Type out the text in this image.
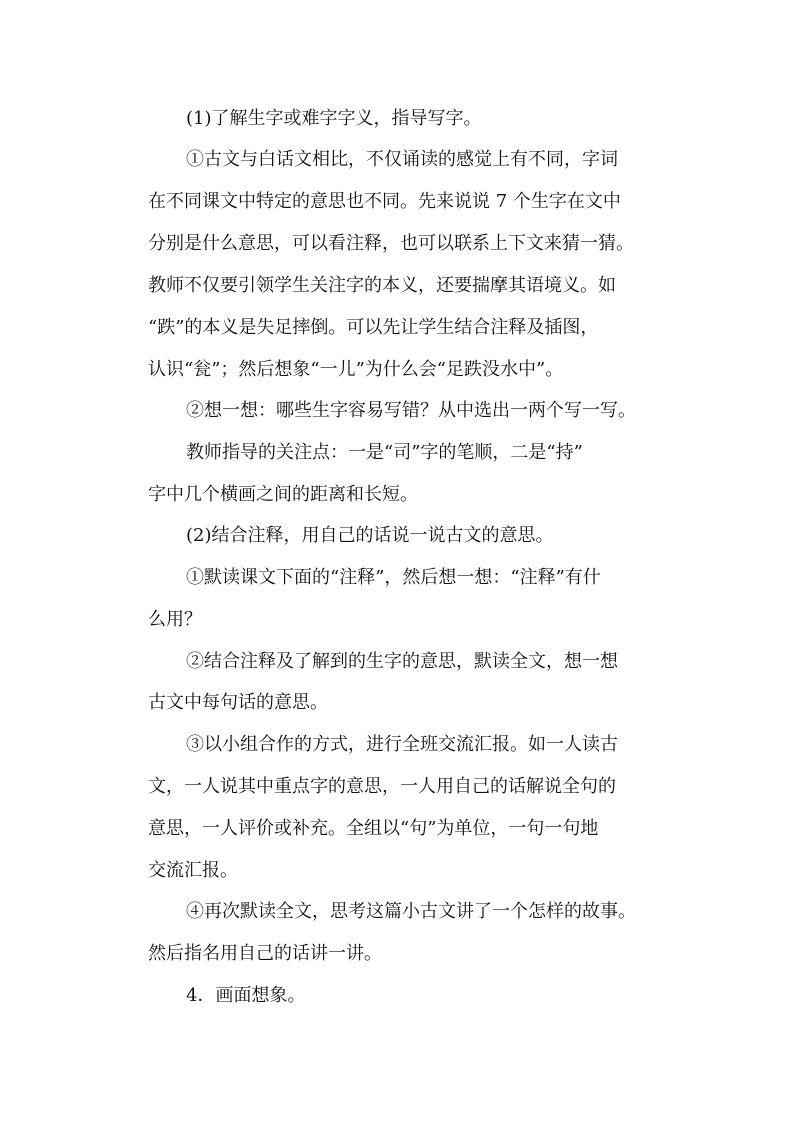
(1)了解生字或难字字义，指导写字。

①古文与白话文相比，不仅诵读的感觉上有不同，字词

在不同课文中特定的意思也不同。先来说说 7 个生字在文中

分别是什么意思，可以看注释，也可以联系上下文来猜一猜。

教师不仅要引领学生关注字的本义，还要揣摩其语境义。如

“跌”的本义是失足摔倒。可以先让学生结合注释及插图，

认识“瓮”；然后想象“一儿”为什么会“足跌没水中”。

②想一想：哪些生字容易写错？从中选出一两个写一写。

教师指导的关注点：一是“司”字的笔顺，二是“持”

字中几个横画之间的距离和长短。

(2)结合注释，用自己的话说一说古文的意思。

①默读课文下面的“注释”，然后想一想：“注释”有什

么用？

②结合注释及了解到的生字的意思，默读全文，想一想

古文中每句话的意思。

③以小组合作的方式，进行全班交流汇报。如一人读古

文，一人说其中重点字的意思，一人用自己的话解说全句的

意思，一人评价或补充。全组以“句”为单位，一句一句地

交流汇报。

④再次默读全文，思考这篇小古文讲了一个怎样的故事。

然后指名用自己的话讲一讲。

4．画面想象。
